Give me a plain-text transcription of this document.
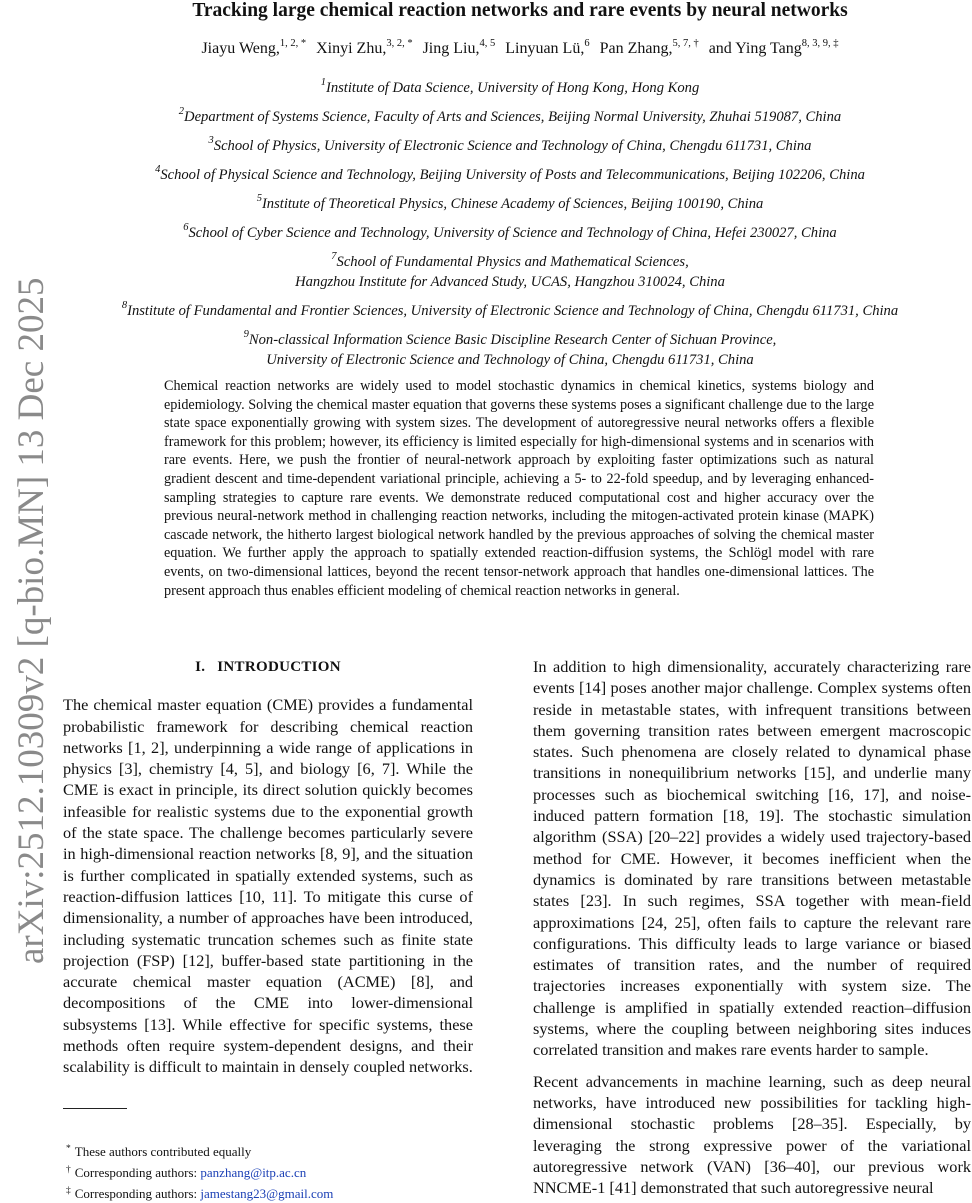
arXiv:2512.10309v2 [q-bio.MN] 13 Dec 2025
Tracking large chemical reaction networks and rare events by neural networks
Jiayu Weng,$^{1, 2, *}$ Xinyi Zhu,$^{3, 2, *}$ Jing Liu,$^{4, 5}$ Linyuan Lü,$^6$ Pan Zhang,$^{5, 7, \dagger}$ and Ying Tang$^{8, 3, 9, \ddagger}$
$^1$Institute of Data Science, University of Hong Kong, Hong Kong
$^2$Department of Systems Science, Faculty of Arts and Sciences, Beijing Normal University, Zhuhai 519087, China
$^3$School of Physics, University of Electronic Science and Technology of China, Chengdu 611731, China
$^4$School of Physical Science and Technology, Beijing University of Posts and Telecommunications, Beijing 102206, China
$^5$Institute of Theoretical Physics, Chinese Academy of Sciences, Beijing 100190, China
$^6$School of Cyber Science and Technology, University of Science and Technology of China, Hefei 230027, China
$^7$School of Fundamental Physics and Mathematical Sciences,
Hangzhou Institute for Advanced Study, UCAS, Hangzhou 310024, China
$^8$Institute of Fundamental and Frontier Sciences, University of Electronic Science and Technology of China, Chengdu 611731, China
$^9$Non-classical Information Science Basic Discipline Research Center of Sichuan Province,
University of Electronic Science and Technology of China, Chengdu 611731, China
Chemical reaction networks are widely used to model stochastic dynamics in chemical kinetics, systems biology and epidemiology. Solving the chemical master equation that governs these systems poses a significant challenge due to the large state space exponentially growing with system sizes. The development of autoregressive neural networks offers a flexible framework for this problem; however, its efficiency is limited especially for high-dimensional systems and in scenarios with rare events. Here, we push the frontier of neural-network approach by exploiting faster optimizations such as natural gradient descent and time-dependent variational principle, achieving a 5- to 22-fold speedup, and by leveraging enhanced-sampling strategies to capture rare events. We demonstrate reduced computational cost and higher accuracy over the previous neural-network method in challenging reaction networks, including the mitogen-activated protein kinase (MAPK) cascade network, the hitherto largest biological network handled by the previous approaches of solving the chemical master equation. We further apply the approach to spatially extended reaction-diffusion systems, the Schlögl model with rare events, on two-dimensional lattices, beyond the recent tensor-network approach that handles one-dimensional lattices. The present approach thus enables efficient modeling of chemical reaction networks in general.
I. INTRODUCTION

The chemical master equation (CME) provides a fundamental probabilistic framework for describing chemical reaction networks [1, 2], underpinning a wide range of applications in physics [3], chemistry [4, 5], and biology [6, 7]. While the CME is exact in principle, its direct solution quickly becomes infeasible for realistic systems due to the exponential growth of the state space. The challenge becomes particularly severe in high-dimensional reaction networks [8, 9], and the situation is further complicated in spatially extended systems, such as reaction-diffusion lattices [10, 11]. To mitigate this curse of dimensionality, a number of approaches have been introduced, including systematic truncation schemes such as finite state projection (FSP) [12], buffer-based state partitioning in the accurate chemical master equation (ACME) [8], and decompositions of the CME into lower-dimensional subsystems [13]. While effective for specific systems, these methods often require system-dependent designs, and their scalability is difficult to maintain in densely coupled networks.

In addition to high dimensionality, accurately characterizing rare events [14] poses another major challenge. Complex systems often reside in metastable states, with infrequent transitions between them governing transition rates between emergent macroscopic states. Such phenomena are closely related to dynamical phase transitions in nonequilibrium networks [15], and underlie many processes such as biochemical switching [16, 17], and noise-induced pattern formation [18, 19]. The stochastic simulation algorithm (SSA) [20–22] provides a widely used trajectory-based method for CME. However, it becomes inefficient when the dynamics is dominated by rare transitions between metastable states [23]. In such regimes, SSA together with mean-field approximations [24, 25], often fails to capture the relevant rare configurations. This difficulty leads to large variance or biased estimates of transition rates, and the number of required trajectories increases exponentially with system size. The challenge is amplified in spatially extended reaction–diffusion systems, where the coupling between neighboring sites induces correlated transition and makes rare events harder to sample.

Recent advancements in machine learning, such as deep neural networks, have introduced new possibilities for tackling high-dimensional stochastic problems [28–35]. Especially, by leveraging the strong expressive power of the variational autoregressive network (VAN) [36–40], our previous work NNCME-1 [41] demonstrated that such autoregressive neural

* These authors contributed equally
† Corresponding authors: panzhang@itp.ac.cn
‡ Corresponding authors: jamestang23@gmail.com
